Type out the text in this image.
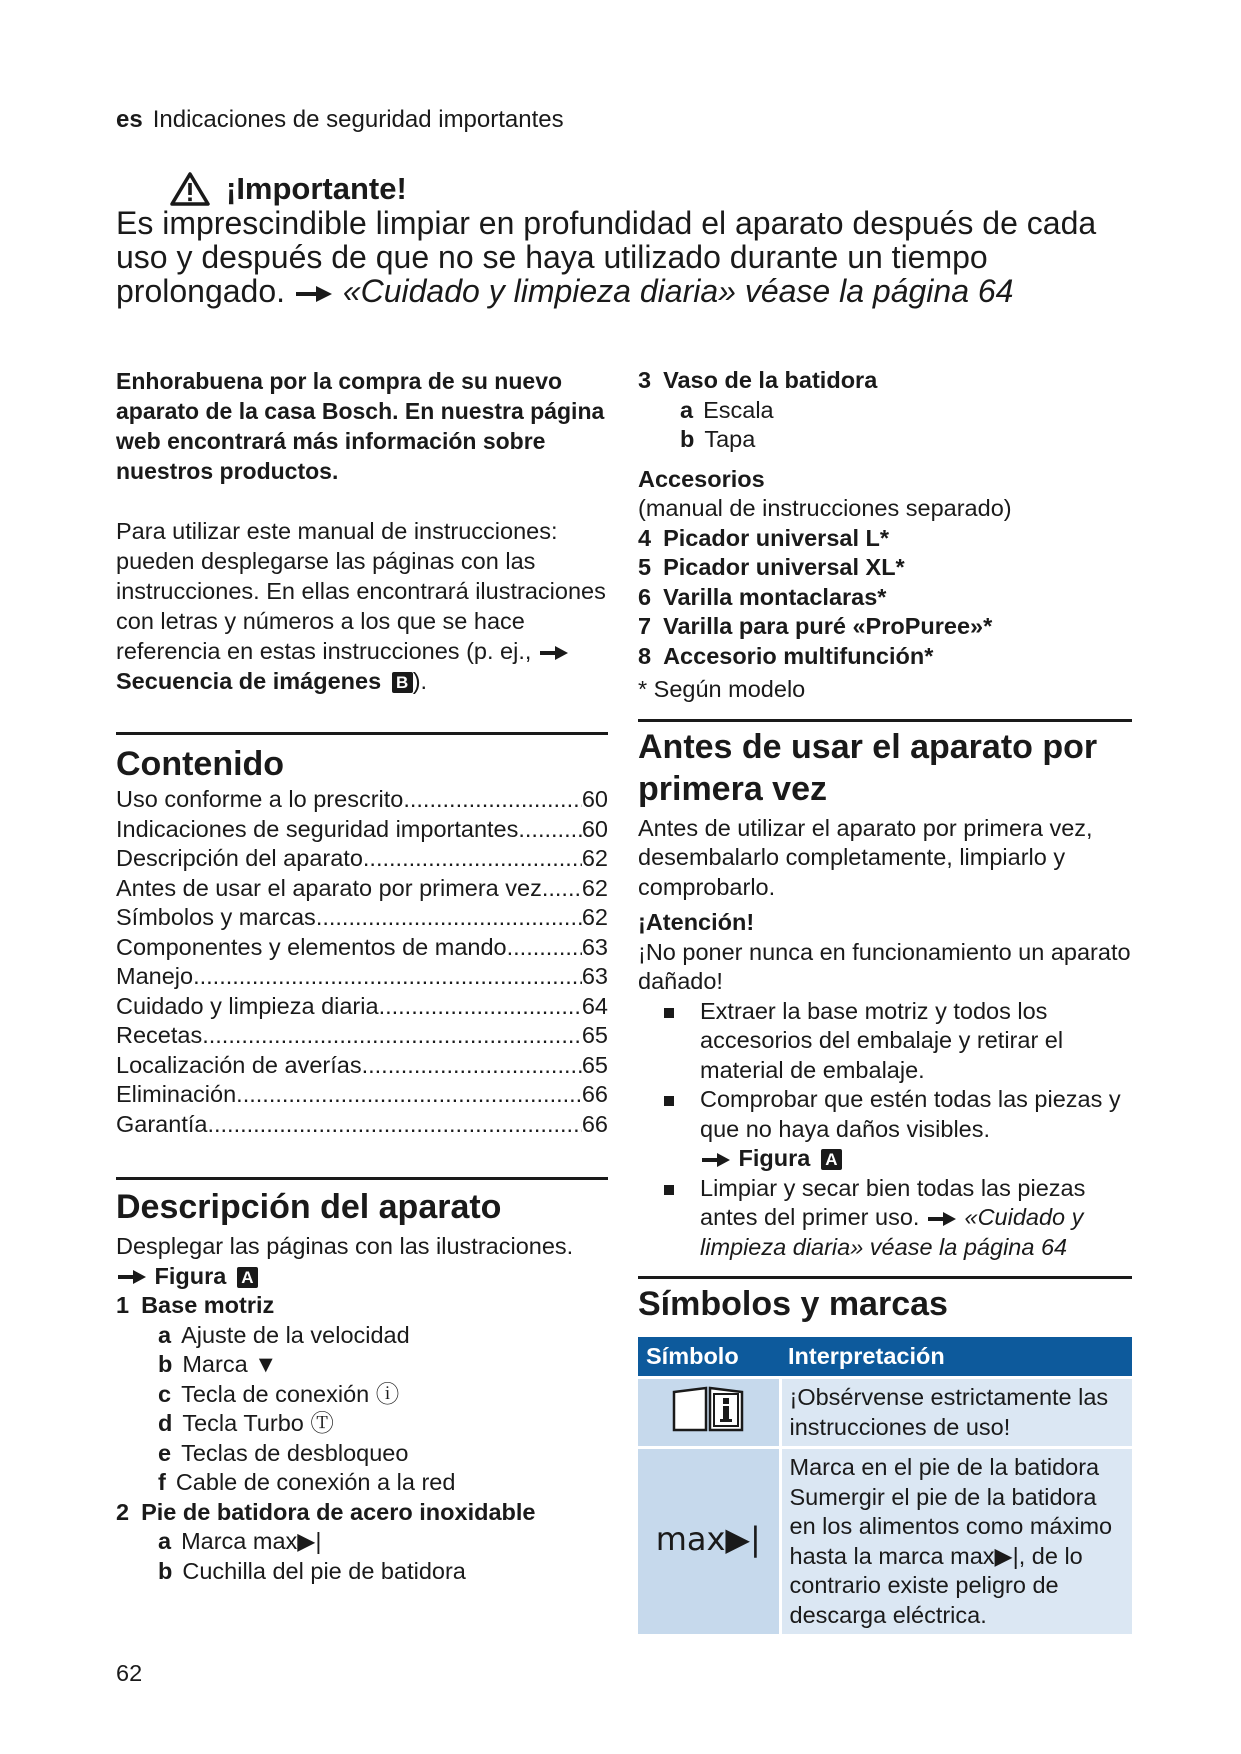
es Indicaciones de seguridad importantes
¡Importante!
Es imprescindible limpiar en profundidad el aparato después de cada uso y después de que no se haya utilizado durante un tiempo prolongado. «Cuidado y limpieza diaria» véase la página 64
Enhorabuena por la compra de su nuevo aparato de la casa Bosch. En nuestra página web encontrará más información sobre nuestros productos.
Para utilizar este manual de instrucciones: pueden desplegarse las páginas con las instrucciones. En ellas encontrará ilustraciones con letras y números a los que se hace referencia en estas instrucciones (p. ej.,  Secuencia de imágenes B ).
Contenido
Uso conforme a lo prescrito .....	60
Indicaciones de seguridad importantes .....	60
Descripción del aparato .....	62
Antes de usar el aparato por primera vez ..... 62
Símbolos y marcas .....	62
Componentes y elementos de mando .....	63
Manejo .....	63
Cuidado y limpieza diaria .....	64
Recetas .....	65
Localización de averías .....	65
Eliminación .....	66
Garantía .....	66
Descripción del aparato
Desplegar las páginas con las ilustraciones.
Figura A
1 Base motriz
a Ajuste de la velocidad
b Marca ▼
c Tecla de conexión ⓘ
d Tecla Turbo Ⓣ
e Teclas de desbloqueo
f Cable de conexión a la red
2 Pie de batidora de acero inoxidable
a Marca max▶|
b Cuchilla del pie de batidora
3 Vaso de la batidora
a Escala
b Tapa
Accesorios
(manual de instrucciones separado)
4 Picador universal L*
5 Picador universal XL*
6 Varilla montaclaras*
7 Varilla para puré «ProPuree»*
8 Accesorio multifunción*
* Según modelo
Antes de usar el aparato por primera vez
Antes de utilizar el aparato por primera vez, desembalarlo completamente, limpiarlo y comprobarlo.
¡Atención!
¡No poner nunca en funcionamiento un aparato dañado!
Extraer la base motriz y todos los accesorios del embalaje y retirar el material de embalaje.
Comprobar que estén todas las piezas y que no haya daños visibles.
Figura A
Limpiar y secar bien todas las piezas antes del primer uso. «Cuidado y limpieza diaria» véase la página 64
Símbolos y marcas
Símbolo	Interpretación
	¡Obsérvense estrictamente las instrucciones de uso!
max▶|	Marca en el pie de la batidora Sumergir el pie de la batidora en los alimentos como máximo hasta la marca max▶|, de lo contrario existe peligro de descarga eléctrica.
62
